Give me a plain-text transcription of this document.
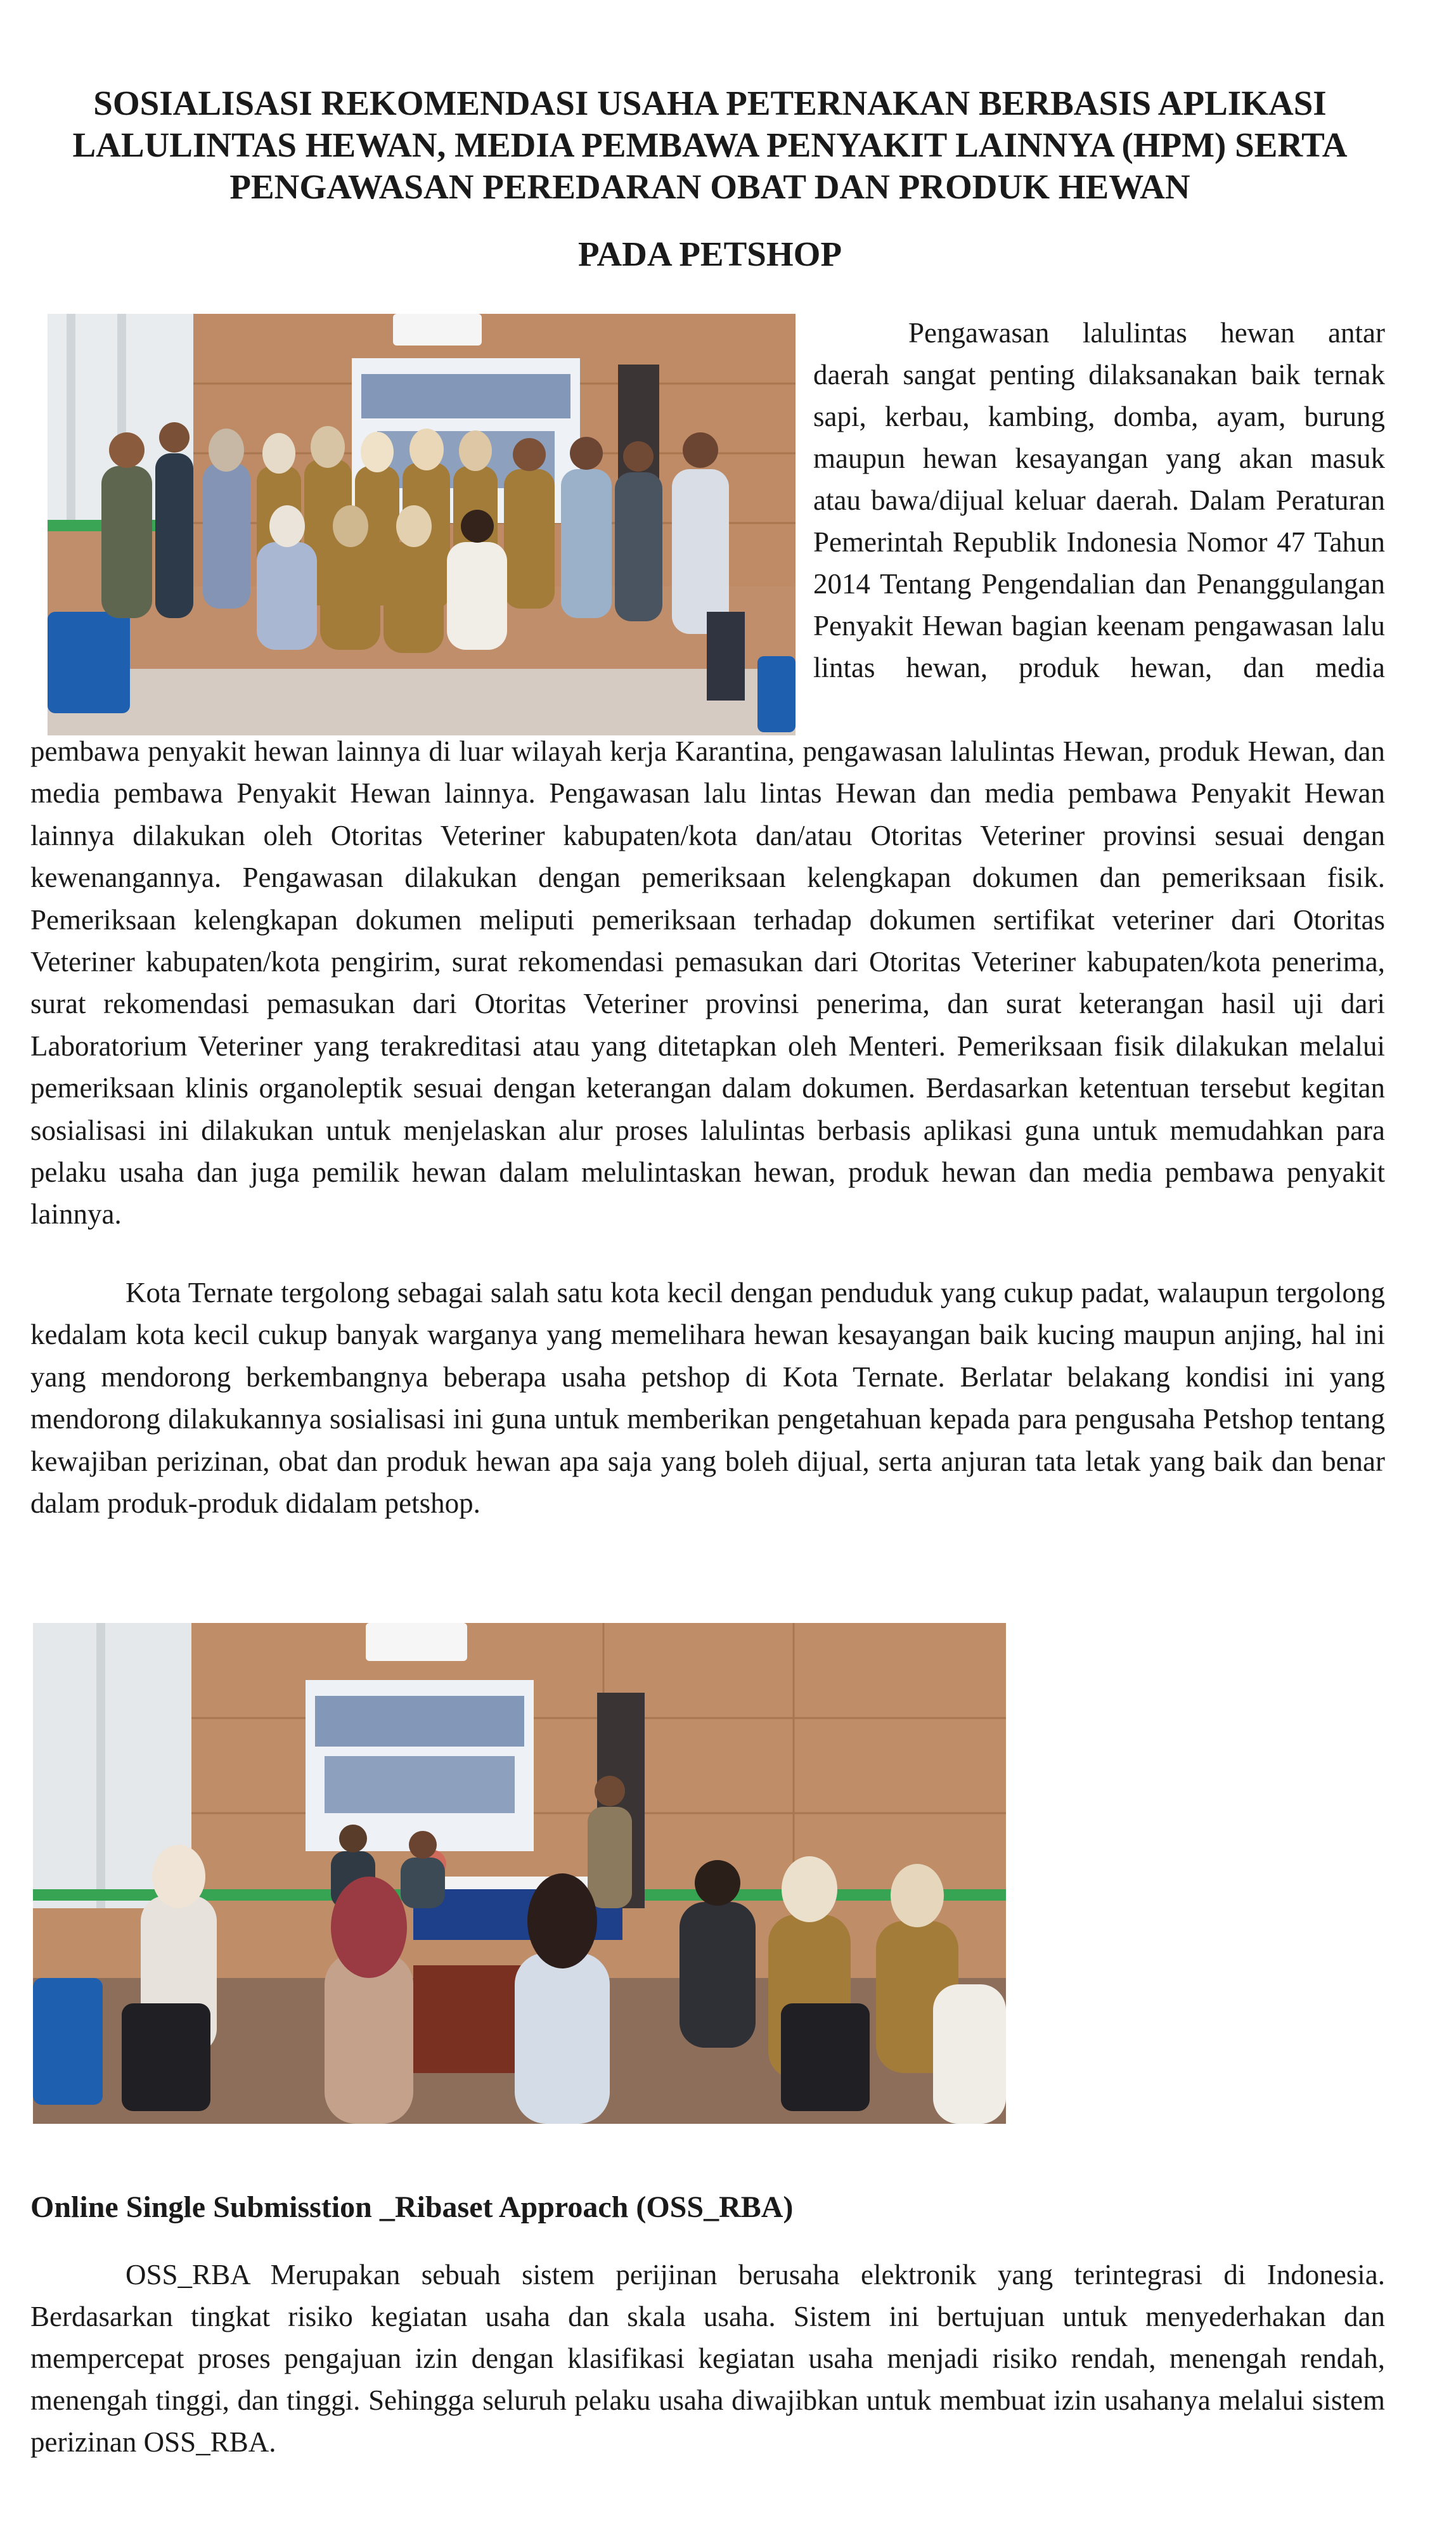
SOSIALISASI REKOMENDASI USAHA PETERNAKAN BERBASIS APLIKASI LALULINTAS HEWAN, MEDIA PEMBAWA PENYAKIT LAINNYA (HPM) SERTA PENGAWASAN PEREDARAN OBAT DAN PRODUK HEWAN
PADA PETSHOP

Pengawasan lalulintas hewan antar daerah sangat penting dilaksanakan baik ternak sapi, kerbau, kambing, domba, ayam, burung maupun hewan kesayangan yang akan masuk atau bawa/dijual keluar daerah. Dalam Peraturan Pemerintah Republik Indonesia Nomor 47 Tahun 2014 Tentang Pengendalian dan Penanggulangan Penyakit Hewan bagian keenam pengawasan lalu lintas hewan, produk hewan, dan media

pembawa penyakit hewan lainnya di luar wilayah kerja Karantina, pengawasan lalulintas Hewan, produk Hewan, dan media pembawa Penyakit Hewan lainnya. Pengawasan lalu lintas Hewan dan media pembawa Penyakit Hewan lainnya dilakukan oleh Otoritas Veteriner kabupaten/kota dan/atau Otoritas Veteriner provinsi sesuai dengan kewenangannya. Pengawasan dilakukan dengan pemeriksaan kelengkapan dokumen dan pemeriksaan fisik. Pemeriksaan kelengkapan dokumen meliputi pemeriksaan terhadap dokumen sertifikat veteriner dari Otoritas Veteriner kabupaten/kota pengirim, surat rekomendasi pemasukan dari Otoritas Veteriner kabupaten/kota penerima, surat rekomendasi pemasukan dari Otoritas Veteriner provinsi penerima, dan surat keterangan hasil uji dari Laboratorium Veteriner yang terakreditasi atau yang ditetapkan oleh Menteri. Pemeriksaan fisik dilakukan melalui pemeriksaan klinis organoleptik sesuai dengan keterangan dalam dokumen. Berdasarkan ketentuan tersebut kegitan sosialisasi ini dilakukan untuk menjelaskan alur proses lalulintas berbasis aplikasi guna untuk memudahkan para pelaku usaha dan juga pemilik hewan dalam melulintaskan hewan, produk hewan dan media pembawa penyakit lainnya.

Kota Ternate tergolong sebagai salah satu kota kecil dengan penduduk yang cukup padat, walaupun tergolong kedalam kota kecil cukup banyak warganya yang memelihara hewan kesayangan baik kucing maupun anjing, hal ini yang mendorong berkembangnya beberapa usaha petshop di Kota Ternate. Berlatar belakang kondisi ini yang mendorong dilakukannya sosialisasi ini guna untuk memberikan pengetahuan kepada para pengusaha Petshop tentang kewajiban perizinan, obat dan produk hewan apa saja yang boleh dijual, serta anjuran tata letak yang baik dan benar dalam produk-produk didalam petshop.

Online Single Submisstion _Ribaset Approach (OSS_RBA)

OSS_RBA Merupakan sebuah sistem perijinan berusaha elektronik yang terintegrasi di Indonesia. Berdasarkan tingkat risiko kegiatan usaha dan skala usaha. Sistem ini bertujuan untuk menyederhakan dan mempercepat proses pengajuan izin dengan klasifikasi kegiatan usaha menjadi risiko rendah, menengah rendah, menengah tinggi, dan tinggi. Sehingga seluruh pelaku usaha diwajibkan untuk membuat izin usahanya melalui sistem perizinan OSS_RBA.
